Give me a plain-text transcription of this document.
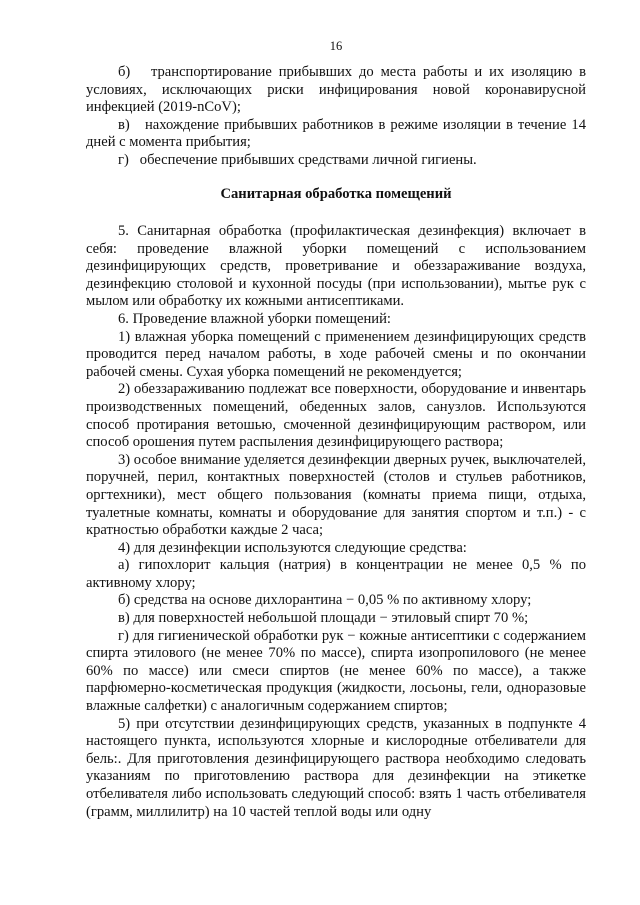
16

б)   транспортирование прибывших до места работы и их изоляцию в условиях, исключающих риски инфицирования новой коронавирусной инфекцией (2019-nCoV);

в)   нахождение прибывших работников в режиме изоляции в течение 14 дней с момента прибытия;

г)   обеспечение прибывших средствами личной гигиены.

Санитарная обработка помещений

5. Санитарная обработка (профилактическая дезинфекция) включает в себя: проведение влажной уборки помещений с использованием дезинфицирующих средств, проветривание и обеззараживание воздуха, дезинфекцию столовой и кухонной посуды (при использовании), мытье рук с мылом или обработку их кожными антисептиками.

6. Проведение влажной уборки помещений:

1) влажная уборка помещений с применением дезинфицирующих средств проводится перед началом работы, в ходе рабочей смены и по окончании рабочей смены. Сухая уборка помещений не рекомендуется;

2) обеззараживанию подлежат все поверхности, оборудование и инвентарь производственных помещений, обеденных залов, санузлов. Используются способ протирания ветошью, смоченной дезинфицирующим раствором, или способ орошения путем распыления дезинфицирующего раствора;

3) особое внимание уделяется дезинфекции дверных ручек, выключателей, поручней, перил, контактных поверхностей (столов и стульев работников, оргтехники), мест общего пользования (комнаты приема пищи, отдыха, туалетные комнаты, комнаты и оборудование для занятия спортом и т.п.) - с кратностью обработки каждые 2 часа;

4) для дезинфекции используются следующие средства:

а) гипохлорит кальция (натрия) в концентрации не менее 0,5 % по активному хлору;

б) средства на основе дихлорантина − 0,05 % по активному хлору;

в) для поверхностей небольшой площади − этиловый спирт 70 %;

г) для гигиенической обработки рук − кожные антисептики с содержанием спирта этилового (не менее 70% по массе), спирта изопропилового (не менее 60% по массе) или смеси спиртов (не менее 60% по массе), а также парфюмерно-косметическая продукция (жидкости, лосьоны, гели, одноразовые влажные салфетки) с аналогичным содержанием спиртов;

5) при отсутствии дезинфицирующих средств, указанных в подпункте 4 настоящего пункта, используются хлорные и кислородные отбеливатели для бель:. Для приготовления дезинфицирующего раствора необходимо следовать указаниям по приготовлению раствора для дезинфекции на этикетке отбеливателя либо использовать следующий способ: взять 1 часть отбеливателя (грамм, миллилитр) на 10 частей теплой воды или одну
